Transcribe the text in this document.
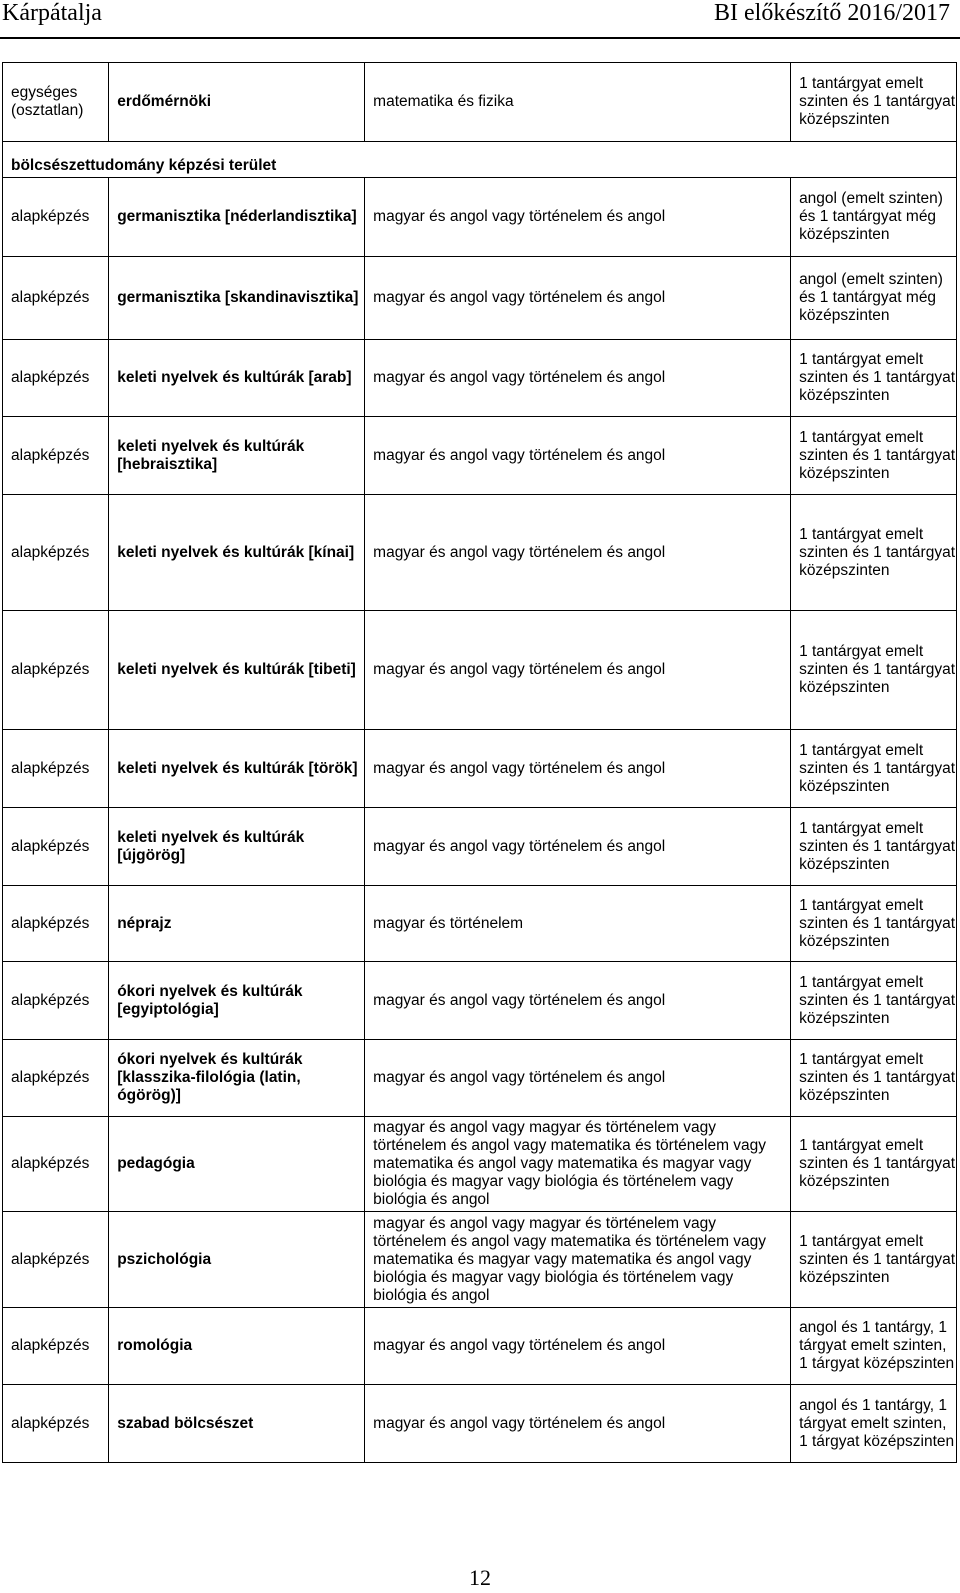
Kárpátalja	BI előkészítő 2016/2017
egységes (osztatlan)	erdőmérnöki	matematika és fizika	1 tantárgyat emelt szinten és 1 tantárgyat középszinten
bölcsészettudomány képzési terület			
alapképzés	germanisztika [néderlandisztika]	magyar és angol vagy történelem és angol	angol (emelt szinten) és 1 tantárgyat még középszinten
alapképzés	germanisztika [skandinavisztika]	magyar és angol vagy történelem és angol	angol (emelt szinten) és 1 tantárgyat még középszinten
alapképzés	keleti nyelvek és kultúrák [arab]	magyar és angol vagy történelem és angol	1 tantárgyat emelt szinten és 1 tantárgyat középszinten
alapképzés	keleti nyelvek és kultúrák [hebraisztika]	magyar és angol vagy történelem és angol	1 tantárgyat emelt szinten és 1 tantárgyat középszinten
alapképzés	keleti nyelvek és kultúrák [kínai]	magyar és angol vagy történelem és angol	1 tantárgyat emelt szinten és 1 tantárgyat középszinten
alapképzés	keleti nyelvek és kultúrák [tibeti]	magyar és angol vagy történelem és angol	1 tantárgyat emelt szinten és 1 tantárgyat középszinten
alapképzés	keleti nyelvek és kultúrák [török]	magyar és angol vagy történelem és angol	1 tantárgyat emelt szinten és 1 tantárgyat középszinten
alapképzés	keleti nyelvek és kultúrák [újgörög]	magyar és angol vagy történelem és angol	1 tantárgyat emelt szinten és 1 tantárgyat középszinten
alapképzés	néprajz	magyar és történelem	1 tantárgyat emelt szinten és 1 tantárgyat középszinten
alapképzés	ókori nyelvek és kultúrák [egyiptológia]	magyar és angol vagy történelem és angol	1 tantárgyat emelt szinten és 1 tantárgyat középszinten
alapképzés	ókori nyelvek és kultúrák [klasszika-filológia (latin, ógörög)]	magyar és angol vagy történelem és angol	1 tantárgyat emelt szinten és 1 tantárgyat középszinten
alapképzés	pedagógia	magyar és angol vagy magyar és történelem vagy történelem és angol vagy matematika és történelem vagy matematika és angol vagy matematika és magyar vagy biológia és magyar vagy biológia és történelem vagy biológia és angol	1 tantárgyat emelt szinten és 1 tantárgyat középszinten
alapképzés	pszichológia	magyar és angol vagy magyar és történelem vagy történelem és angol vagy matematika és történelem vagy matematika és magyar vagy matematika és angol vagy biológia és magyar vagy biológia és történelem vagy biológia és angol	1 tantárgyat emelt szinten és 1 tantárgyat középszinten
alapképzés	romológia	magyar és angol vagy történelem és angol	angol és 1 tantárgy, 1 tárgyat emelt szinten, 1 tárgyat középszinten
alapképzés	szabad bölcsészet	magyar és angol vagy történelem és angol	angol és 1 tantárgy, 1 tárgyat emelt szinten, 1 tárgyat középszinten
12
